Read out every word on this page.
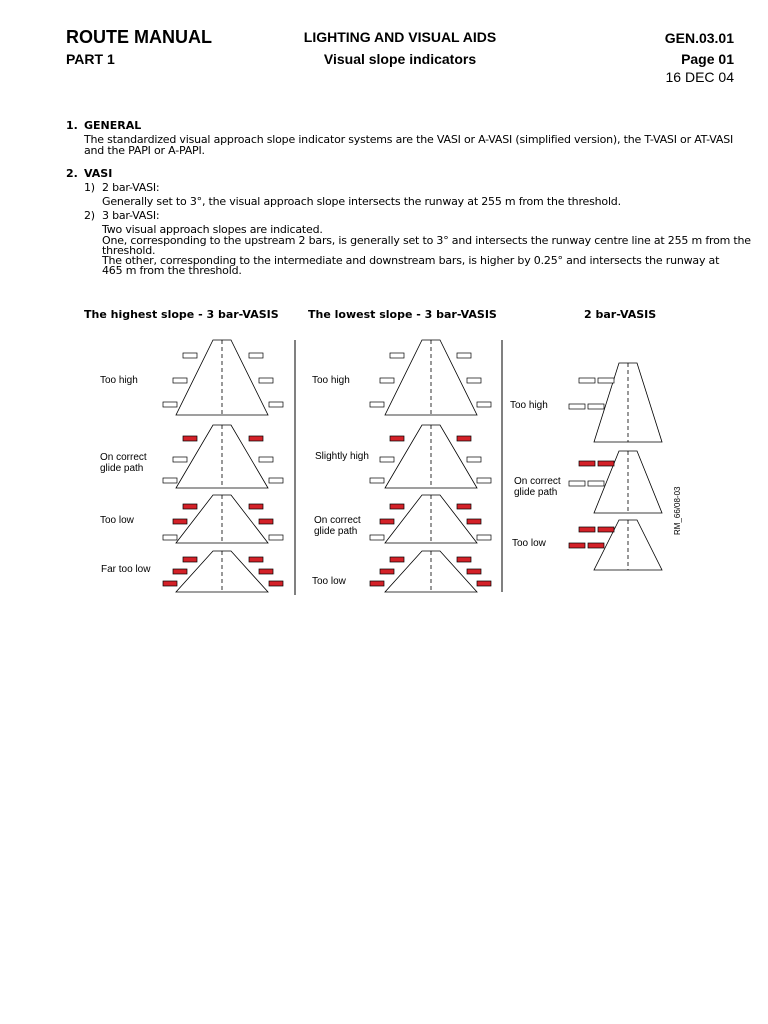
ROUTE MANUAL
PART 1
LIGHTING AND VISUAL AIDS
Visual slope indicators
GEN.03.01
Page 01
16 DEC 04
1. GENERAL
The standardized visual approach slope indicator systems are the VASI or A-VASI (simplified version), the T-VASI or AT-VASI
and the PAPI or A-PAPI.
2. VASI
1) 2 bar-VASI:
Generally set to 3°, the visual approach slope intersects the runway at 255 m from the threshold.
2) 3 bar-VASI:
Two visual approach slopes are indicated.
One, corresponding to the upstream 2 bars, is generally set to 3° and intersects the runway centre line at 255 m from the
threshold.
The other, corresponding to the intermediate and downstream bars, is higher by 0.25° and intersects the runway at
465 m from the threshold.
The highest slope - 3 bar-VASIS	The lowest slope - 3 bar-VASIS	2 bar-VASIS
Too high
On correct glide path
Too low
Far too low
Too high
Slightly high
On correct glide path
Too low
Too high
On correct glide path
Too low
RM_66/08-03
